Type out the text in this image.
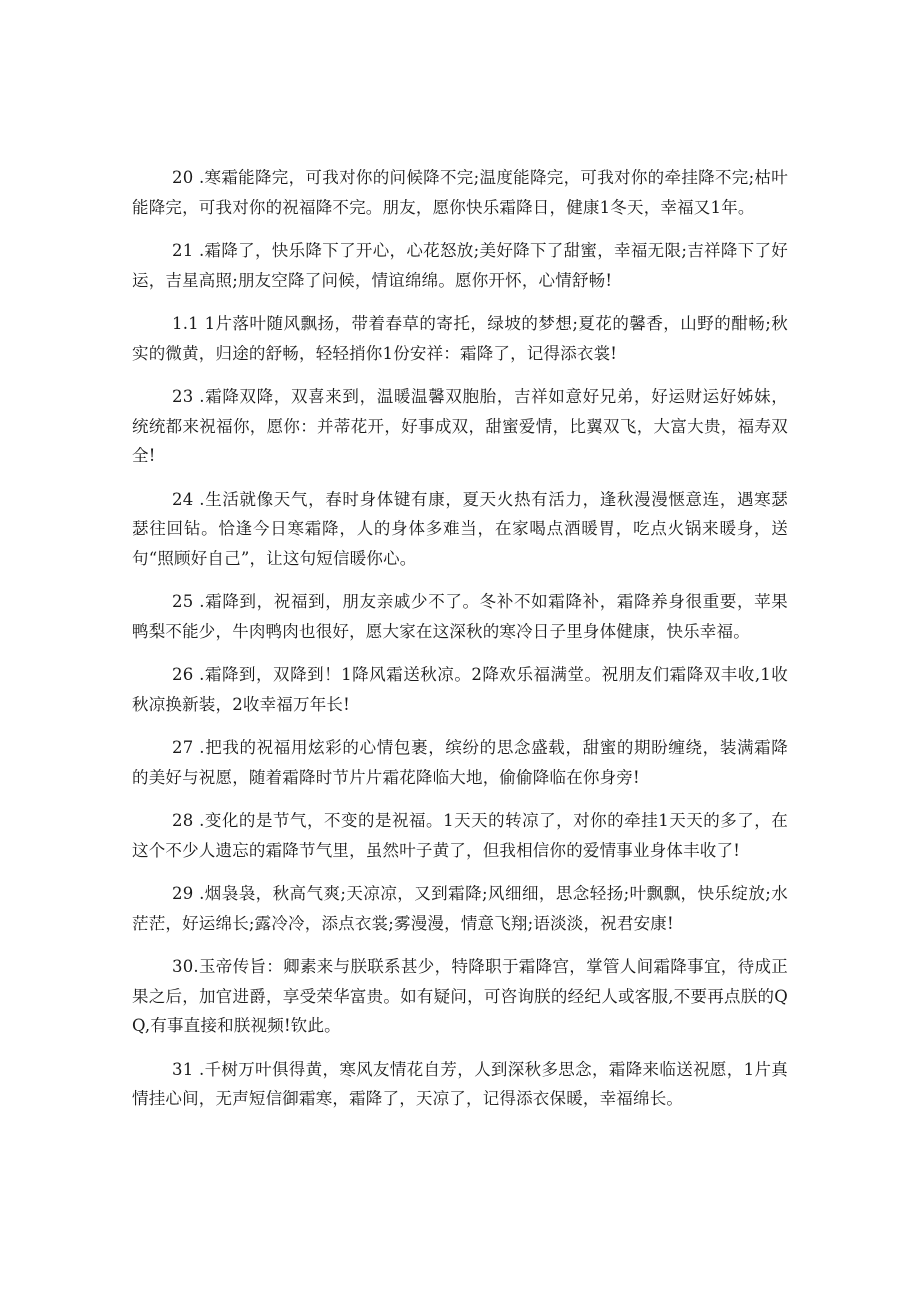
20 .寒霜能降完，可我对你的问候降不完;温度能降完，可我对你的牵挂降不完;枯叶能降完，可我对你的祝福降不完。朋友，愿你快乐霜降日，健康1冬天，幸福又1年。

21 .霜降了，快乐降下了开心，心花怒放;美好降下了甜蜜，幸福无限;吉祥降下了好运，吉星高照;朋友空降了问候，情谊绵绵。愿你开怀，心情舒畅!

1.1 1片落叶随风飘扬，带着春草的寄托，绿坡的梦想;夏花的馨香，山野的酣畅;秋实的微黄，归途的舒畅，轻轻捎你1份安祥：霜降了，记得添衣裳!

23 .霜降双降，双喜来到，温暖温馨双胞胎，吉祥如意好兄弟，好运财运好姊妹，统统都来祝福你，愿你：并蒂花开，好事成双，甜蜜爱情，比翼双飞，大富大贵，福寿双全!

24 .生活就像天气，春时身体键有康，夏天火热有活力，逢秋漫漫惬意连，遇寒瑟瑟往回钻。恰逢今日寒霜降，人的身体多难当，在家喝点酒暖胃，吃点火锅来暖身，送句“照顾好自己”，让这句短信暖你心。

25 .霜降到，祝福到，朋友亲戚少不了。冬补不如霜降补，霜降养身很重要，苹果鸭梨不能少，牛肉鸭肉也很好，愿大家在这深秋的寒冷日子里身体健康，快乐幸福。

26 .霜降到，双降到！1降风霜送秋凉。2降欢乐福满堂。祝朋友们霜降双丰收,1收秋凉换新装，2收幸福万年长!

27 .把我的祝福用炫彩的心情包裹，缤纷的思念盛载，甜蜜的期盼缠绕，装满霜降的美好与祝愿，随着霜降时节片片霜花降临大地，偷偷降临在你身旁!

28 .变化的是节气，不变的是祝福。1天天的转凉了，对你的牵挂1天天的多了，在这个不少人遗忘的霜降节气里，虽然叶子黄了，但我相信你的爱情事业身体丰收了!

29 .烟袅袅，秋高气爽;天凉凉，又到霜降;风细细，思念轻扬;叶飘飘，快乐绽放;水茫茫，好运绵长;露冷冷，添点衣裳;雾漫漫，情意飞翔;语淡淡，祝君安康!

30.玉帝传旨：卿素来与朕联系甚少，特降职于霜降宫，掌管人间霜降事宜，待成正果之后，加官进爵，享受荣华富贵。如有疑问，可咨询朕的经纪人或客服,不要再点朕的QQ,有事直接和朕视频!钦此。

31 .千树万叶俱得黄，寒风友情花自芳，人到深秋多思念，霜降来临送祝愿，1片真情挂心间，无声短信御霜寒，霜降了，天凉了，记得添衣保暖，幸福绵长。
